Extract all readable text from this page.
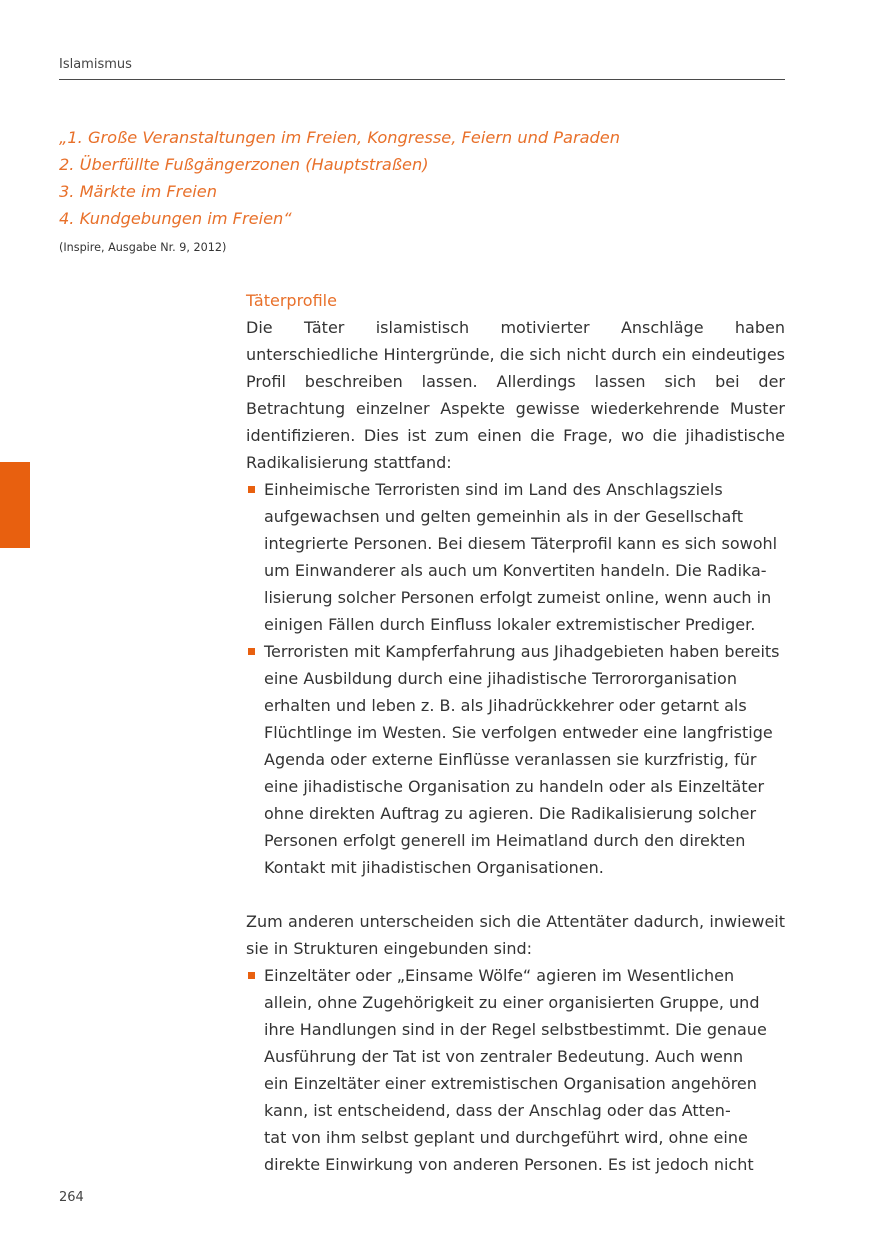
Islamismus
„1. Große Veranstaltungen im Freien, Kongresse, Feiern und Paraden
2. Überfüllte Fußgängerzonen (Hauptstraßen)
3. Märkte im Freien
4. Kundgebungen im Freien“
(Inspire, Ausgabe Nr. 9, 2012)
Täterprofile

Die Täter islamistisch motivierter Anschläge haben unterschiedliche Hintergründe, die sich nicht durch ein eindeutiges Profil beschreiben lassen. Allerdings lassen sich bei der Betrachtung einzelner Aspekte gewisse wiederkehrende Muster identifizieren. Dies ist zum einen die Frage, wo die jihadistische Radikalisierung stattfand:

Einheimische Terroristen sind im Land des Anschlagsziels
aufgewachsen und gelten gemeinhin als in der Gesellschaft
integrierte Personen. Bei diesem Täterprofil kann es sich sowohl
um Einwanderer als auch um Konvertiten handeln. Die Radika-
lisierung solcher Personen erfolgt zumeist online, wenn auch in
einigen Fällen durch Einfluss lokaler extremistischer Prediger.
Terroristen mit Kampferfahrung aus Jihadgebieten haben bereits
eine Ausbildung durch eine jihadistische Terrororganisation
erhalten und leben z. B. als Jihadrückkehrer oder getarnt als
Flüchtlinge im Westen. Sie verfolgen entweder eine langfristige
Agenda oder externe Einflüsse veranlassen sie kurzfristig, für
eine jihadistische Organisation zu handeln oder als Einzeltäter
ohne direkten Auftrag zu agieren. Die Radikalisierung solcher
Personen erfolgt generell im Heimatland durch den direkten
Kontakt mit jihadistischen Organisationen.

Zum anderen unterscheiden sich die Attentäter dadurch, inwieweit sie in Strukturen eingebunden sind:

Einzeltäter oder „Einsame Wölfe“ agieren im Wesentlichen
allein, ohne Zugehörigkeit zu einer organisierten Gruppe, und
ihre Handlungen sind in der Regel selbstbestimmt. Die genaue
Ausführung der Tat ist von zentraler Bedeutung. Auch wenn
ein Einzeltäter einer extremistischen Organisation angehören
kann, ist entscheidend, dass der Anschlag oder das Atten-
tat von ihm selbst geplant und durchgeführt wird, ohne eine
direkte Einwirkung von anderen Personen. Es ist jedoch nicht
264
